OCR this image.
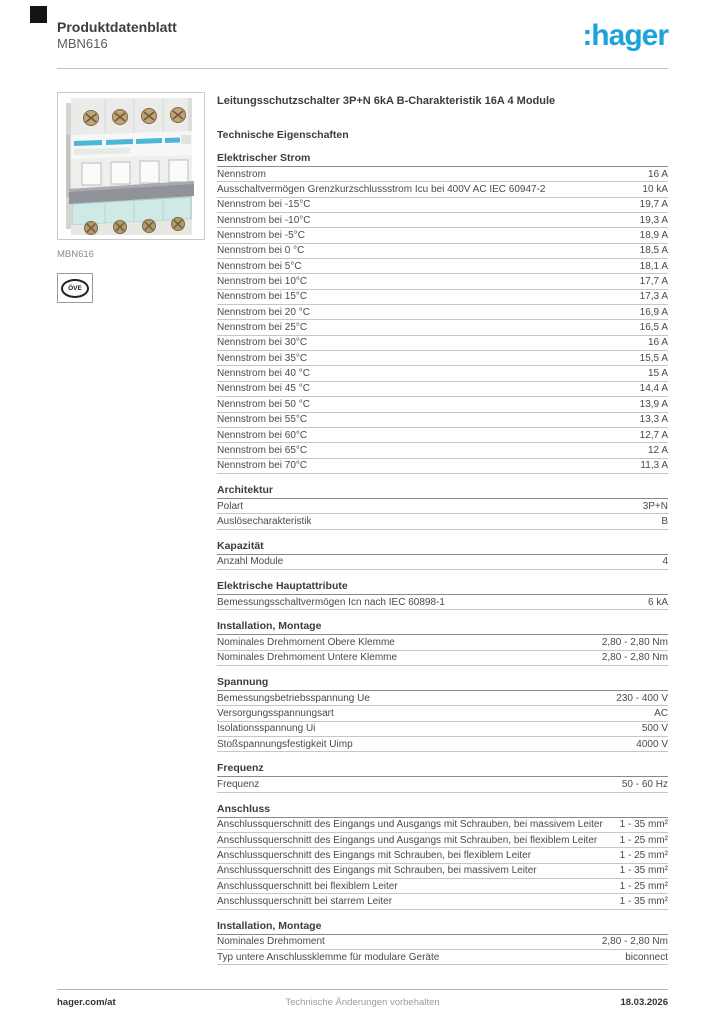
Produktdatenblatt
MBN616	:hager
MBN616
ÖVE
Leitungsschutzschalter 3P+N 6kA B-Charakteristik 16A 4 Module
Technische Eigenschaften
Elektrischer Strom
Nennstrom	16 A
Ausschaltvermögen Grenzkurzschlussstrom Icu bei 400V AC IEC 60947-2	10 kA
Nennstrom bei -15°C	19,7 A
Nennstrom bei -10°C	19,3 A
Nennstrom bei -5°C	18,9 A
Nennstrom bei 0 °C	18,5 A
Nennstrom bei 5°C	18,1 A
Nennstrom bei 10°C	17,7 A
Nennstrom bei 15°C	17,3 A
Nennstrom bei 20 °C	16,9 A
Nennstrom bei 25°C	16,5 A
Nennstrom bei 30°C	16 A
Nennstrom bei 35°C	15,5 A
Nennstrom bei 40 °C	15 A
Nennstrom bei 45 °C	14,4 A
Nennstrom bei 50 °C	13,9 A
Nennstrom bei 55°C	13,3 A
Nennstrom bei 60°C	12,7 A
Nennstrom bei 65°C	12 A
Nennstrom bei 70°C	11,3 A
Architektur
Polart	3P+N
Auslösecharakteristik	B
Kapazität
Anzahl Module	4
Elektrische Hauptattribute
Bemessungsschaltvermögen Icn nach IEC 60898-1	6 kA
Installation, Montage
Nominales Drehmoment Obere Klemme	2,80 - 2,80 Nm
Nominales Drehmoment Untere Klemme	2,80 - 2,80 Nm
Spannung
Bemessungsbetriebsspannung Ue	230 - 400 V
Versorgungsspannungsart	AC
Isolationsspannung Ui	500 V
Stoßspannungsfestigkeit Uimp	4000 V
Frequenz
Frequenz	50 - 60 Hz
Anschluss
Anschlussquerschnitt des Eingangs und Ausgangs mit Schrauben, bei massivem Leiter	1 - 35 mm²
Anschlussquerschnitt des Eingangs und Ausgangs mit Schrauben, bei flexiblem Leiter	1 - 25 mm²
Anschlussquerschnitt des Eingangs mit Schrauben, bei flexiblem Leiter	1 - 25 mm²
Anschlussquerschnitt des Eingangs mit Schrauben, bei massivem Leiter	1 - 35 mm²
Anschlussquerschnitt bei flexiblem Leiter	1 - 25 mm²
Anschlussquerschnitt bei starrem Leiter	1 - 35 mm²
Installation, Montage
Nominales Drehmoment	2,80 - 2,80 Nm
Typ untere Anschlussklemme für modulare Geräte	biconnect
Technische Änderungen vorbehalten
hager.com/at	18.03.2026
